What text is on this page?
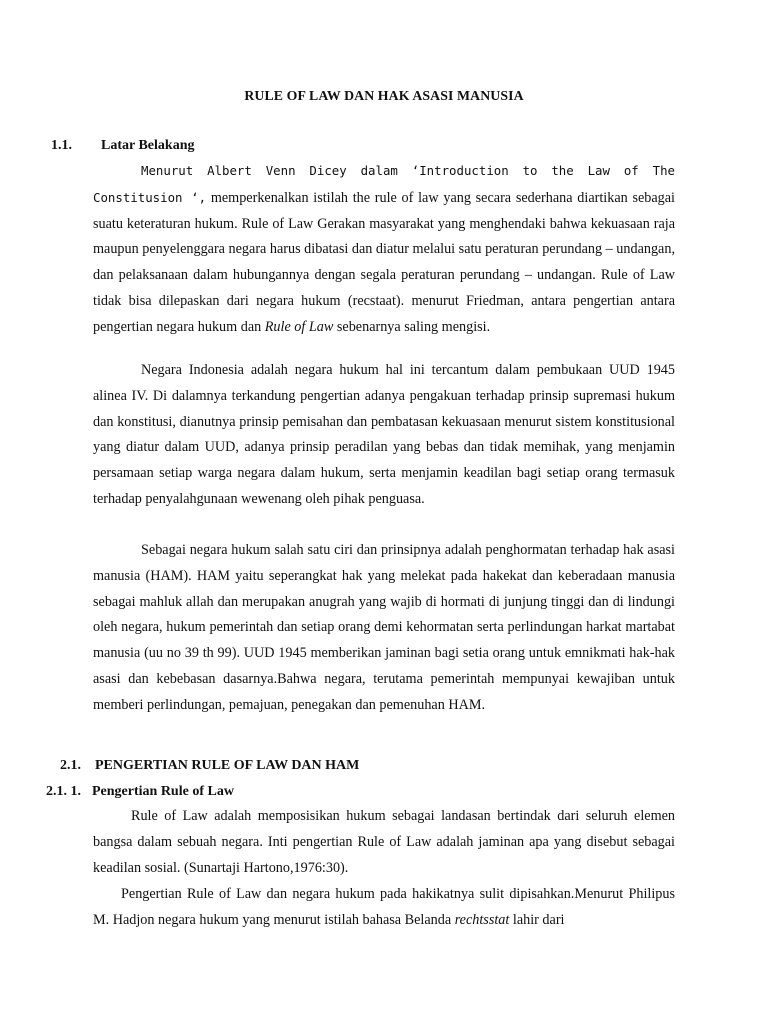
RULE OF LAW DAN HAK ASASI MANUSIA
1.1. Latar Belakang

Menurut Albert Venn Dicey dalam ‘Introduction to the Law of The Constitusion ‘, memperkenalkan istilah the rule of law yang secara sederhana diartikan sebagai suatu keteraturan hukum. Rule of Law Gerakan masyarakat yang menghendaki bahwa kekuasaan raja maupun penyelenggara negara harus dibatasi dan diatur melalui satu peraturan perundang – undangan, dan pelaksanaan dalam hubungannya dengan segala peraturan perundang – undangan. Rule of Law tidak bisa dilepaskan dari negara hukum (recstaat). menurut Friedman, antara pengertian antara pengertian negara hukum dan Rule of Law sebenarnya saling mengisi.

Negara Indonesia adalah negara hukum hal ini tercantum dalam pembukaan UUD 1945 alinea IV. Di dalamnya terkandung pengertian adanya pengakuan terhadap prinsip supremasi hukum dan konstitusi, dianutnya prinsip pemisahan dan pembatasan kekuasaan menurut sistem konstitusional yang diatur dalam UUD, adanya prinsip peradilan yang bebas dan tidak memihak, yang menjamin persamaan setiap warga negara dalam hukum, serta menjamin keadilan bagi setiap orang termasuk terhadap penyalahgunaan wewenang oleh pihak penguasa.

Sebagai negara hukum salah satu ciri dan prinsipnya adalah penghormatan terhadap hak asasi manusia (HAM). HAM yaitu seperangkat hak yang melekat pada hakekat dan keberadaan manusia sebagai mahluk allah dan merupakan anugrah yang wajib di hormati di junjung tinggi dan di lindungi oleh negara, hukum pemerintah dan setiap orang demi kehormatan serta perlindungan harkat martabat manusia (uu no 39 th 99). UUD 1945 memberikan jaminan bagi setia orang untuk emnikmati hak-hak asasi dan kebebasan dasarnya.Bahwa negara, terutama pemerintah mempunyai kewajiban untuk memberi perlindungan, pemajuan, penegakan dan pemenuhan HAM.

2.1. PENGERTIAN RULE OF LAW DAN HAM
2.1. 1. Pengertian Rule of Law

Rule of Law adalah memposisikan hukum sebagai landasan bertindak dari seluruh elemen bangsa dalam sebuah negara. Inti pengertian Rule of Law adalah jaminan apa yang disebut sebagai keadilan sosial. (Sunartaji Hartono,1976:30).

Pengertian Rule of Law dan negara hukum pada hakikatnya sulit dipisahkan.Menurut Philipus M. Hadjon negara hukum yang menurut istilah bahasa Belanda rechtsstat lahir dari
